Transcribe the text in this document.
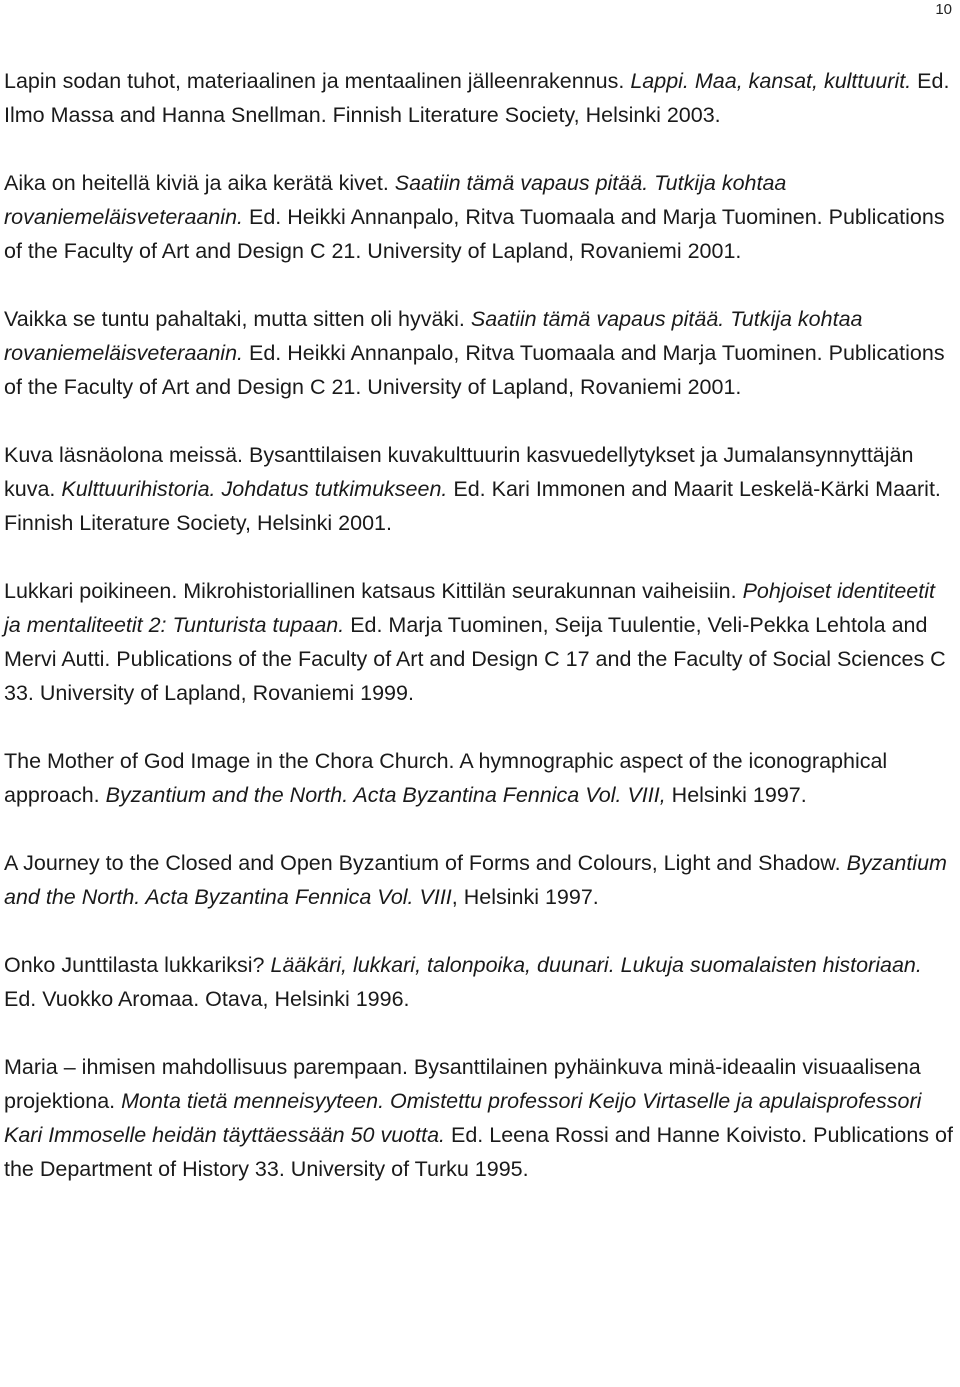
10

Lapin sodan tuhot, materiaalinen ja mentaalinen jälleenrakennus. Lappi. Maa, kansat, kulttuurit. Ed. Ilmo Massa and Hanna Snellman. Finnish Literature Society, Helsinki 2003.

Aika on heitellä kiviä ja aika kerätä kivet. Saatiin tämä vapaus pitää. Tutkija kohtaa rovaniemeläisveteraanin. Ed. Heikki Annanpalo, Ritva Tuomaala and Marja Tuominen. Publications of the Faculty of Art and Design C 21. University of Lapland, Rovaniemi 2001.

Vaikka se tuntu pahaltaki, mutta sitten oli hyväki. Saatiin tämä vapaus pitää. Tutkija kohtaa rovaniemeläisveteraanin. Ed. Heikki Annanpalo, Ritva Tuomaala and Marja Tuominen. Publications of the Faculty of Art and Design C 21. University of Lapland, Rovaniemi 2001.

Kuva läsnäolona meissä. Bysanttilaisen kuvakulttuurin kasvuedellytykset ja Jumalansynnyttäjän kuva. Kulttuurihistoria. Johdatus tutkimukseen. Ed. Kari Immonen and Maarit Leskelä-Kärki Maarit. Finnish Literature Society, Helsinki 2001.

Lukkari poikineen. Mikrohistoriallinen katsaus Kittilän seurakunnan vaiheisiin. Pohjoiset identiteetit ja mentaliteetit 2: Tunturista tupaan. Ed. Marja Tuominen, Seija Tuulentie, Veli-Pekka Lehtola and Mervi Autti. Publications of the Faculty of Art and Design C 17 and the Faculty of Social Sciences C 33. University of Lapland, Rovaniemi 1999.

The Mother of God Image in the Chora Church. A hymnographic aspect of the iconographical approach. Byzantium and the North. Acta Byzantina Fennica Vol. VIII, Helsinki 1997.

A Journey to the Closed and Open Byzantium of Forms and Colours, Light and Shadow. Byzantium and the North. Acta Byzantina Fennica Vol. VIII, Helsinki 1997.

Onko Junttilasta lukkariksi? Lääkäri, lukkari, talonpoika, duunari. Lukuja suomalaisten historiaan. Ed. Vuokko Aromaa. Otava, Helsinki 1996.

Maria – ihmisen mahdollisuus parempaan. Bysanttilainen pyhäinkuva minä-ideaalin visuaalisena projektiona. Monta tietä menneisyyteen. Omistettu professori Keijo Virtaselle ja apulaisprofessori Kari Immoselle heidän täyttäessään 50 vuotta. Ed. Leena Rossi and Hanne Koivisto. Publications of the Department of History 33. University of Turku 1995.
